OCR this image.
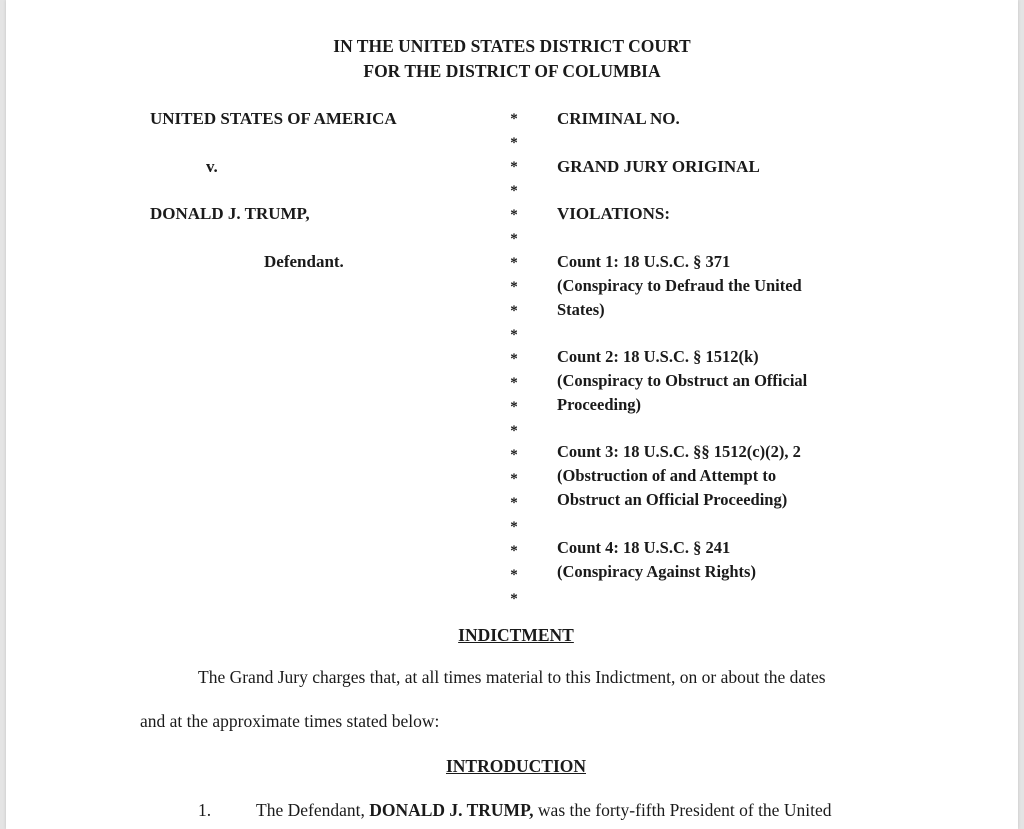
IN THE UNITED STATES DISTRICT COURT
FOR THE DISTRICT OF COLUMBIA
UNITED STATES OF AMERICA
v.
DONALD J. TRUMP,
Defendant.
*
*
*
*
*
*
*
*
*
*
*
*
*
*
*
*
*
*
*
*
*
CRIMINAL NO.
GRAND JURY ORIGINAL
VIOLATIONS:
Count 1: 18 U.S.C. § 371
(Conspiracy to Defraud the United
States)
Count 2: 18 U.S.C. § 1512(k)
(Conspiracy to Obstruct an Official
Proceeding)
Count 3: 18 U.S.C. §§ 1512(c)(2), 2
(Obstruction of and Attempt to
Obstruct an Official Proceeding)
Count 4: 18 U.S.C. § 241
(Conspiracy Against Rights)
INDICTMENT
The Grand Jury charges that, at all times material to this Indictment, on or about the dates
and at the approximate times stated below:
INTRODUCTION
1.	The Defendant, DONALD J. TRUMP, was the forty-fifth President of the United
